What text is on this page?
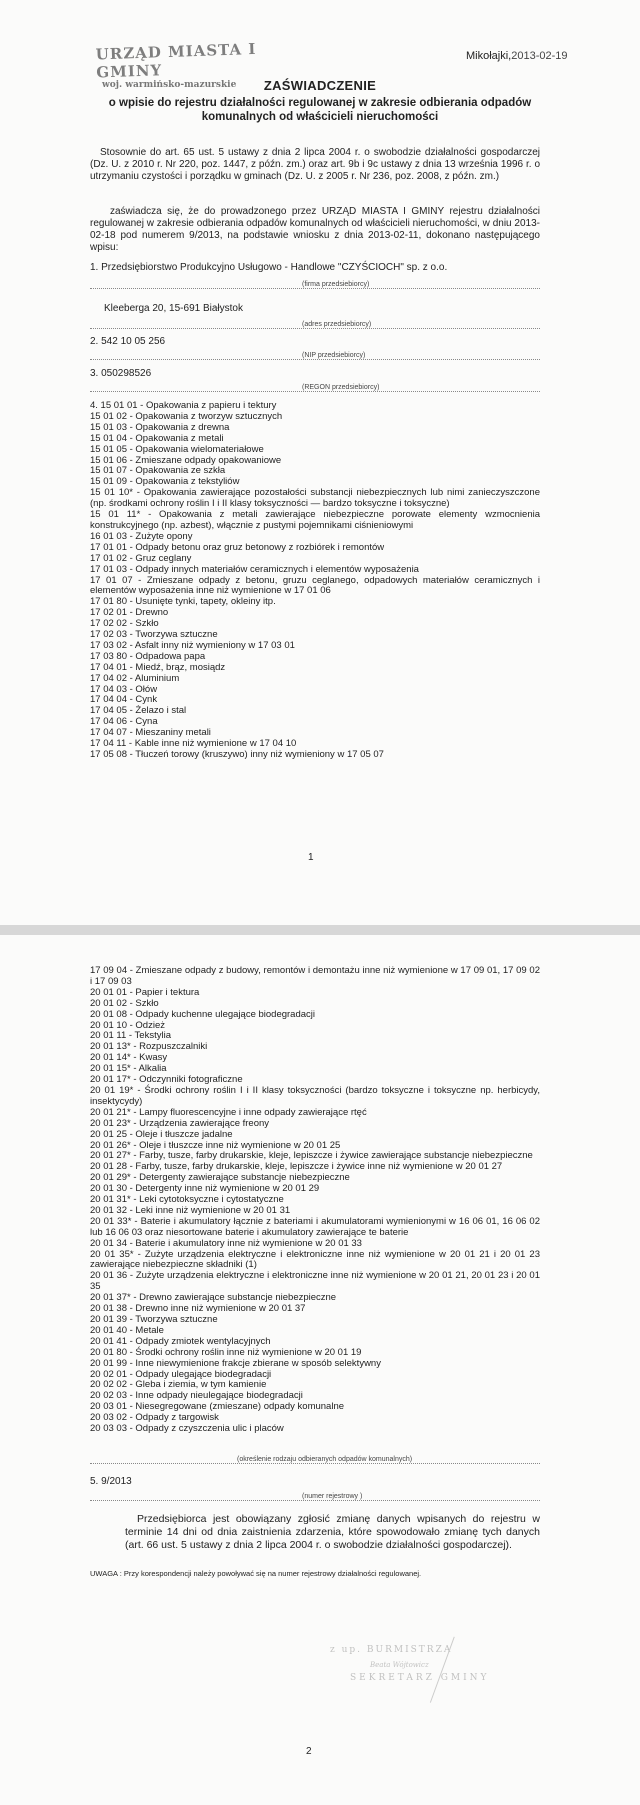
URZĄD MIASTA I GMINY
woj. warmińsko-mazurskie
Mikołajki,2013-02-19
ZAŚWIADCZENIE
o wpisie do rejestru działalności regulowanej w zakresie odbierania odpadów komunalnych od właścicieli nieruchomości
Stosownie do art. 65 ust. 5 ustawy z dnia 2 lipca 2004 r. o swobodzie działalności gospodarczej (Dz. U. z 2010 r. Nr 220, poz. 1447, z późn. zm.) oraz art. 9b i 9c ustawy z dnia 13 września 1996 r. o utrzymaniu czystości i porządku w gminach (Dz. U. z 2005 r. Nr 236, poz. 2008, z późn. zm.)
zaświadcza się, że do prowadzonego przez URZĄD MIASTA I GMINY rejestru działalności regulowanej w zakresie odbierania odpadów komunalnych od właścicieli nieruchomości, w dniu 2013-02-18 pod numerem 9/2013, na podstawie wniosku z dnia 2013-02-11, dokonano następującego wpisu:
1. Przedsiębiorstwo Produkcyjno Usługowo - Handlowe "CZYŚCIOCH" sp. z o.o.
(firma przedsiebiorcy)
Kleeberga 20, 15-691 Białystok
(adres przedsiebiorcy)
2. 542 10 05 256
(NIP przedsiebiorcy)
3. 050298526
(REGON przedsiebiorcy)
4. 15 01 01 - Opakowania z papieru i tektury
15 01 02 - Opakowania z tworzyw sztucznych
15 01 03 - Opakowania z drewna
15 01 04 - Opakowania z metali
15 01 05 - Opakowania wielomateriałowe
15 01 06 - Zmieszane odpady opakowaniowe
15 01 07 - Opakowania ze szkła
15 01 09 - Opakowania z tekstyliów
15 01 10* - Opakowania zawierające pozostałości substancji niebezpiecznych lub nimi zanieczyszczone (np. środkami ochrony roślin I i II klasy toksyczności — bardzo toksyczne i toksyczne)
15 01 11* - Opakowania z metali zawierające niebezpieczne porowate elementy wzmocnienia konstrukcyjnego (np. azbest), włącznie z pustymi pojemnikami ciśnieniowymi
16 01 03 - Zużyte opony
17 01 01 - Odpady betonu oraz gruz betonowy z rozbiórek i remontów
17 01 02 - Gruz ceglany
17 01 03 - Odpady innych materiałów ceramicznych i elementów wyposażenia
17 01 07 - Zmieszane odpady z betonu, gruzu ceglanego, odpadowych materiałów ceramicznych i elementów wyposażenia inne niż wymienione w 17 01 06
17 01 80 - Usunięte tynki, tapety, okleiny itp.
17 02 01 - Drewno
17 02 02 - Szkło
17 02 03 - Tworzywa sztuczne
17 03 02 - Asfalt inny niż wymieniony w 17 03 01
17 03 80 - Odpadowa papa
17 04 01 - Miedź, brąz, mosiądz
17 04 02 - Aluminium
17 04 03 - Ołów
17 04 04 - Cynk
17 04 05 - Żelazo i stal
17 04 06 - Cyna
17 04 07 - Mieszaniny metali
17 04 11 - Kable inne niż wymienione w 17 04 10
17 05 08 - Tłuczeń torowy (kruszywo) inny niż wymieniony w 17 05 07
1
2
17 09 04 - Zmieszane odpady z budowy, remontów i demontażu inne niż wymienione w 17 09 01, 17 09 02 i 17 09 03
20 01 01 - Papier i tektura
20 01 02 - Szkło
20 01 08 - Odpady kuchenne ulegające biodegradacji
20 01 10 - Odzież
20 01 11 - Tekstylia
20 01 13* - Rozpuszczalniki
20 01 14* - Kwasy
20 01 15* - Alkalia
20 01 17* - Odczynniki fotograficzne
20 01 19* - Środki ochrony roślin I i II klasy toksyczności (bardzo toksyczne i toksyczne np. herbicydy, insektycydy)
20 01 21* - Lampy fluorescencyjne i inne odpady zawierające rtęć
20 01 23* - Urządzenia zawierające freony
20 01 25 - Oleje i tłuszcze jadalne
20 01 26* - Oleje i tłuszcze inne niż wymienione w 20 01 25
20 01 27* - Farby, tusze, farby drukarskie, kleje, lepiszcze i żywice zawierające substancje niebezpieczne
20 01 28 - Farby, tusze, farby drukarskie, kleje, lepiszcze i żywice inne niż wymienione w 20 01 27
20 01 29* - Detergenty zawierające substancje niebezpieczne
20 01 30 - Detergenty inne niż wymienione w 20 01 29
20 01 31* - Leki cytotoksyczne i cytostatyczne
20 01 32 - Leki inne niż wymienione w 20 01 31
20 01 33* - Baterie i akumulatory łącznie z bateriami i akumulatorami wymienionymi w 16 06 01, 16 06 02 lub 16 06 03 oraz niesortowane baterie i akumulatory zawierające te baterie
20 01 34 - Baterie i akumulatory inne niż wymienione w 20 01 33
20 01 35* - Zużyte urządzenia elektryczne i elektroniczne inne niż wymienione w 20 01 21 i 20 01 23 zawierające niebezpieczne składniki (1)
20 01 36 - Zużyte urządzenia elektryczne i elektroniczne inne niż wymienione w 20 01 21, 20 01 23 i 20 01 35
20 01 37* - Drewno zawierające substancje niebezpieczne
20 01 38 - Drewno inne niż wymienione w 20 01 37
20 01 39 - Tworzywa sztuczne
20 01 40 - Metale
20 01 41 - Odpady zmiotek wentylacyjnych
20 01 80 - Środki ochrony roślin inne niż wymienione w 20 01 19
20 01 99 - Inne niewymienione frakcje zbierane w sposób selektywny
20 02 01 - Odpady ulegające biodegradacji
20 02 02 - Gleba i ziemia, w tym kamienie
20 02 03 - Inne odpady nieulegające biodegradacji
20 03 01 - Niesegregowane (zmieszane) odpady komunalne
20 03 02 - Odpady z targowisk
20 03 03 - Odpady z czyszczenia ulic i placów
(określenie rodzaju odbieranych odpadów komunalnych)
5. 9/2013
(numer rejestrowy )
Przedsiębiorca jest obowiązany zgłosić zmianę danych wpisanych do rejestru w terminie 14 dni od dnia zaistnienia zdarzenia, które spowodowało zmianę tych danych (art. 66 ust. 5 ustawy z dnia 2 lipca 2004 r. o swobodzie działalności gospodarczej).
UWAGA : Przy korespondencji należy powoływać się na numer rejestrowy działalności regulowanej.
z up. BURMISTRZA
Beata Wójtowicz
SEKRETARZ GMINY
